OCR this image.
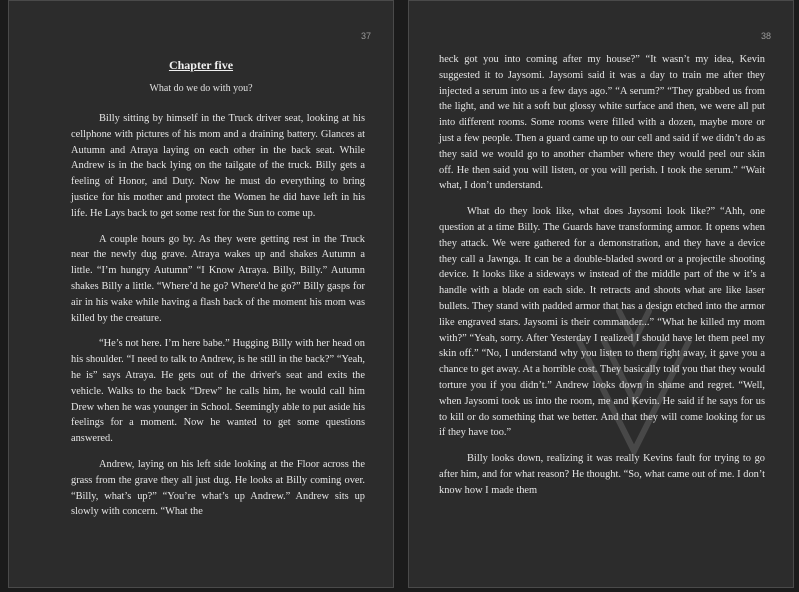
37
Chapter five
What do we do with you?

Billy sitting by himself in the Truck driver seat, looking at his cellphone with pictures of his mom and a draining battery. Glances at Autumn and Atraya laying on each other in the back seat. While Andrew is in the back lying on the tailgate of the truck. Billy gets a feeling of Honor, and Duty. Now he must do everything to bring justice for his mother and protect the Women he did have left in his life. He Lays back to get some rest for the Sun to come up.

A couple hours go by. As they were getting rest in the Truck near the newly dug grave. Atraya wakes up and shakes Autumn a little. “I’m hungry Autumn” “I Know Atraya. Billy, Billy.” Autumn shakes Billy a little. “Where’d he go? Where'd he go?” Billy gasps for air in his wake while having a flash back of the moment his mom was killed by the creature.

“He’s not here. I’m here babe.” Hugging Billy with her head on his shoulder. “I need to talk to Andrew, is he still in the back?” “Yeah, he is” says Atraya. He gets out of the driver's seat and exits the vehicle. Walks to the back “Drew” he calls him, he would call him Drew when he was younger in School. Seemingly able to put aside his feelings for a moment. Now he wanted to get some questions answered.

Andrew, laying on his left side looking at the Floor across the grass from the grave they all just dug. He looks at Billy coming over. “Billy, what’s up?” “You’re what’s up Andrew.” Andrew sits up slowly with concern. “What the

38

heck got you into coming after my house?” “It wasn’t my idea, Kevin suggested it to Jaysomi. Jaysomi said it was a day to train me after they injected a serum into us a few days ago.” “A serum?” “They grabbed us from the light, and we hit a soft but glossy white surface and then, we were all put into different rooms. Some rooms were filled with a dozen, maybe more or just a few people. Then a guard came up to our cell and said if we didn’t do as they said we would go to another chamber where they would peel our skin off. He then said you will listen, or you will perish. I took the serum.” “Wait what, I don’t understand.

What do they look like, what does Jaysomi look like?” “Ahh, one question at a time Billy. The Guards have transforming armor. It opens when they attack. We were gathered for a demonstration, and they have a device they call a Jawnga. It can be a double-bladed sword or a projectile shooting device. It looks like a sideways w instead of the middle part of the w it’s a handle with a blade on each side. It retracts and shoots what are like laser bullets. They stand with padded armor that has a design etched into the armor like engraved stars. Jaysomi is their commander...” “What he killed my mom with?” “Yeah, sorry. After Yesterday I realized I should have let them peel my skin off.” “No, I understand why you listen to them right away, it gave you a chance to get away. At a horrible cost. They basically told you that they would torture you if you didn’t.” Andrew looks down in shame and regret. “Well, when Jaysomi took us into the room, me and Kevin. He said if he says for us to kill or do something that we better. And that they will come looking for us if they have too.”

Billy looks down, realizing it was really Kevins fault for trying to go after him, and for what reason? He thought. “So, what came out of me. I don’t know how I made them
